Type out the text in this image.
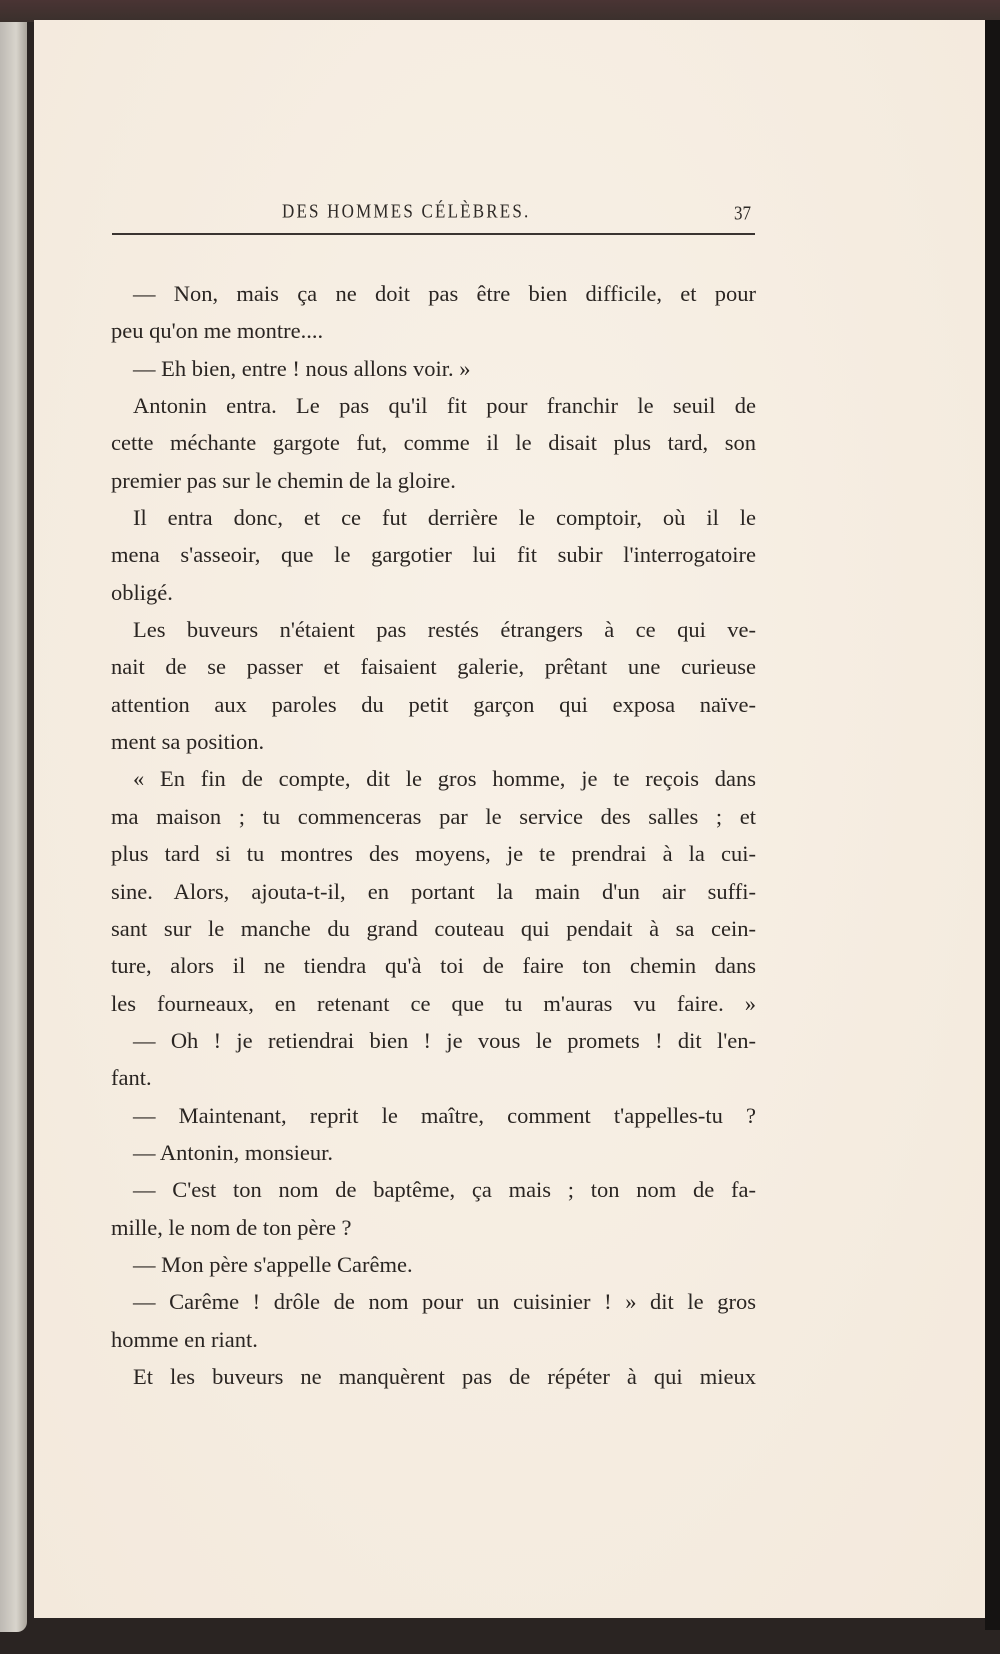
DES HOMMES CÉLÈBRES.	37
— Non, mais ça ne doit pas être bien difficile, et pour
peu qu'on me montre....
— Eh bien, entre ! nous allons voir. »
Antonin entra. Le pas qu'il fit pour franchir le seuil de
cette méchante gargote fut, comme il le disait plus tard, son
premier pas sur le chemin de la gloire.
Il entra donc, et ce fut derrière le comptoir, où il le
mena s'asseoir, que le gargotier lui fit subir l'interrogatoire
obligé.
Les buveurs n'étaient pas restés étrangers à ce qui ve-
nait de se passer et faisaient galerie, prêtant une curieuse
attention aux paroles du petit garçon qui exposa naïve-
ment sa position.
« En fin de compte, dit le gros homme, je te reçois dans
ma maison ; tu commenceras par le service des salles ; et
plus tard si tu montres des moyens, je te prendrai à la cui-
sine. Alors, ajouta-t-il, en portant la main d'un air suffi-
sant sur le manche du grand couteau qui pendait à sa cein-
ture, alors il ne tiendra qu'à toi de faire ton chemin dans
les fourneaux, en retenant ce que tu m'auras vu faire. »
— Oh ! je retiendrai bien ! je vous le promets ! dit l'en-
fant.
— Maintenant, reprit le maître, comment t'appelles-tu ?
— Antonin, monsieur.
— C'est ton nom de baptême, ça mais ; ton nom de fa-
mille, le nom de ton père ?
— Mon père s'appelle Carême.
— Carême ! drôle de nom pour un cuisinier ! » dit le gros
homme en riant.
Et les buveurs ne manquèrent pas de répéter à qui mieux
